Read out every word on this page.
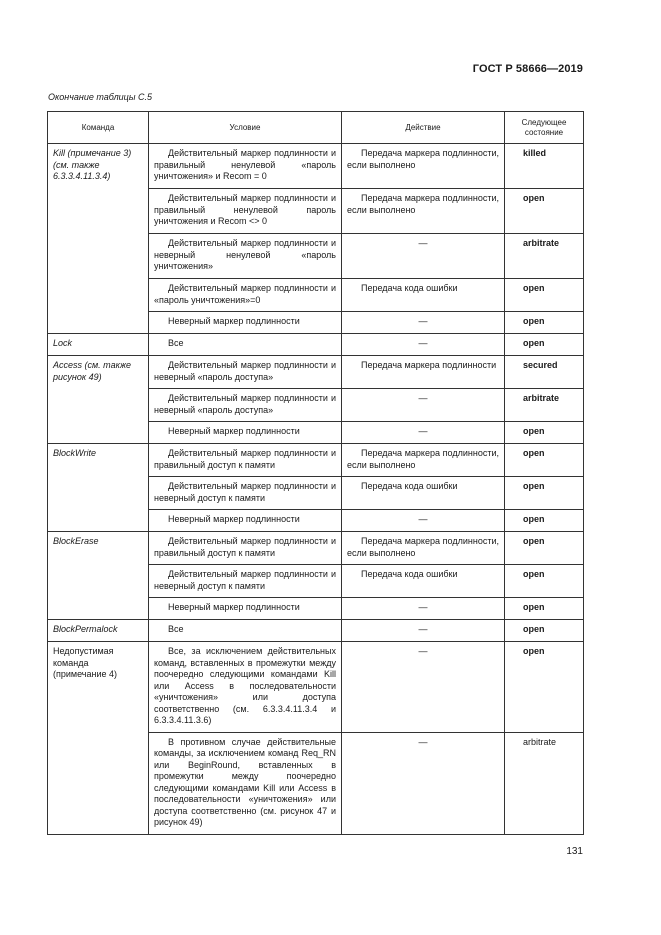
ГОСТ Р 58666—2019
Окончание таблицы С.5
Команда	Условие	Действие	Следующее состояние
Kill (примечание 3) (см. также 6.3.3.4.11.3.4)	Действительный маркер подлинности и правильный ненулевой «пароль уничтожения» и Recom = 0	Передача маркера подлинности, если выполнено	killed
	Действительный маркер подлинности и правильный ненулевой пароль уничтожения и Recom <> 0	Передача маркера подлинности, если выполнено	open
	Действительный маркер подлинности и неверный ненулевой «пароль уничтожения»	—	arbitrate
	Действительный маркер подлинности и «пароль уничтожения»=0	Передача кода ошибки	open
	Неверный маркер подлинности	—	open
Lock	Все	—	open
Access (см. также рисунок 49)	Действительный маркер подлинности и неверный «пароль доступа»	Передача маркера подлинности	secured
	Действительный маркер подлинности и неверный «пароль доступа»	—	arbitrate
	Неверный маркер подлинности	—	open
BlockWrite	Действительный маркер подлинности и правильный доступ к памяти	Передача маркера подлинности, если выполнено	open
	Действительный маркер подлинности и неверный доступ к памяти	Передача кода ошибки	open
	Неверный маркер подлинности	—	open
BlockErase	Действительный маркер подлинности и правильный доступ к памяти	Передача маркера подлинности, если выполнено	open
	Действительный маркер подлинности и неверный доступ к памяти	Передача кода ошибки	open
	Неверный маркер подлинности	—	open
BlockPermalock	Все	—	open
Недопустимая команда (примечание 4)	Все, за исключением действительных команд, вставленных в промежутки между поочередно следующими командами Kill или Access в последовательности «уничтожения» или доступа соответственно (см. 6.3.3.4.11.3.4 и 6.3.3.4.11.3.6)	—	open
	В противном случае действительные команды, за исключением команд Req_RN или BeginRound, вставленных в промежутки между поочередно следующими командами Kill или Access в последовательности «уничтожения» или доступа соответственно (см. рисунок 47 и рисунок 49)	—	arbitrate
131
